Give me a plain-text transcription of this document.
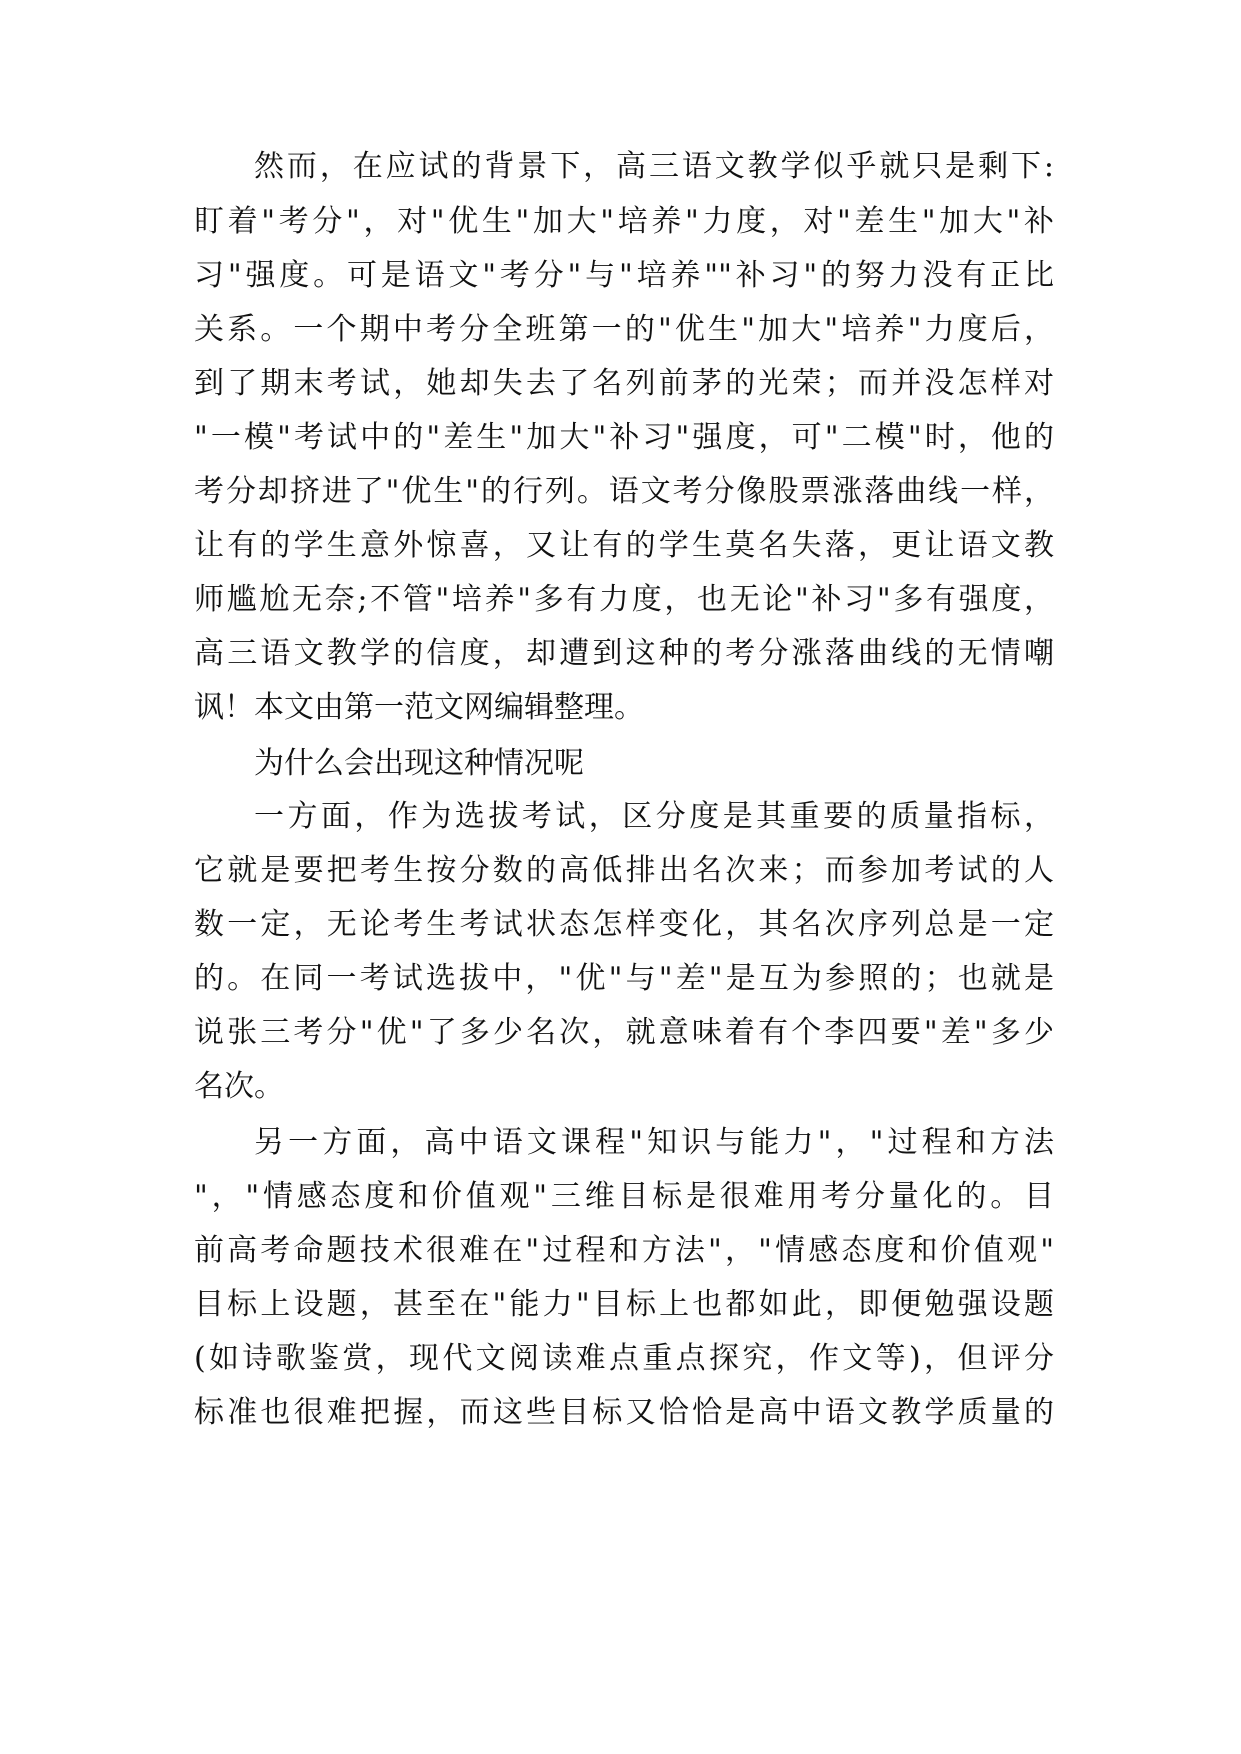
然而，在应试的背景下，高三语文教学似乎就只是剩下:
盯着"考分"，对"优生"加大"培养"力度，对"差生"加大"补
习"强度。可是语文"考分"与"培养""补习"的努力没有正比
关系。一个期中考分全班第一的"优生"加大"培养"力度后，
到了期末考试，她却失去了名列前茅的光荣；而并没怎样对
"一模"考试中的"差生"加大"补习"强度，可"二模"时，他的
考分却挤进了"优生"的行列。语文考分像股票涨落曲线一样，
让有的学生意外惊喜，又让有的学生莫名失落，更让语文教
师尴尬无奈;不管"培养"多有力度，也无论"补习"多有强度，
高三语文教学的信度，却遭到这种的考分涨落曲线的无情嘲
讽！本文由第一范文网编辑整理。
为什么会出现这种情况呢
一方面，作为选拔考试，区分度是其重要的质量指标，
它就是要把考生按分数的高低排出名次来；而参加考试的人
数一定，无论考生考试状态怎样变化，其名次序列总是一定
的。在同一考试选拔中，"优"与"差"是互为参照的；也就是
说张三考分"优"了多少名次，就意味着有个李四要"差"多少
名次。
另一方面，高中语文课程"知识与能力"，"过程和方法
"，"情感态度和价值观"三维目标是很难用考分量化的。目
前高考命题技术很难在"过程和方法"，"情感态度和价值观"
目标上设题，甚至在"能力"目标上也都如此，即便勉强设题
(如诗歌鉴赏，现代文阅读难点重点探究，作文等)，但评分
标准也很难把握，而这些目标又恰恰是高中语文教学质量的
